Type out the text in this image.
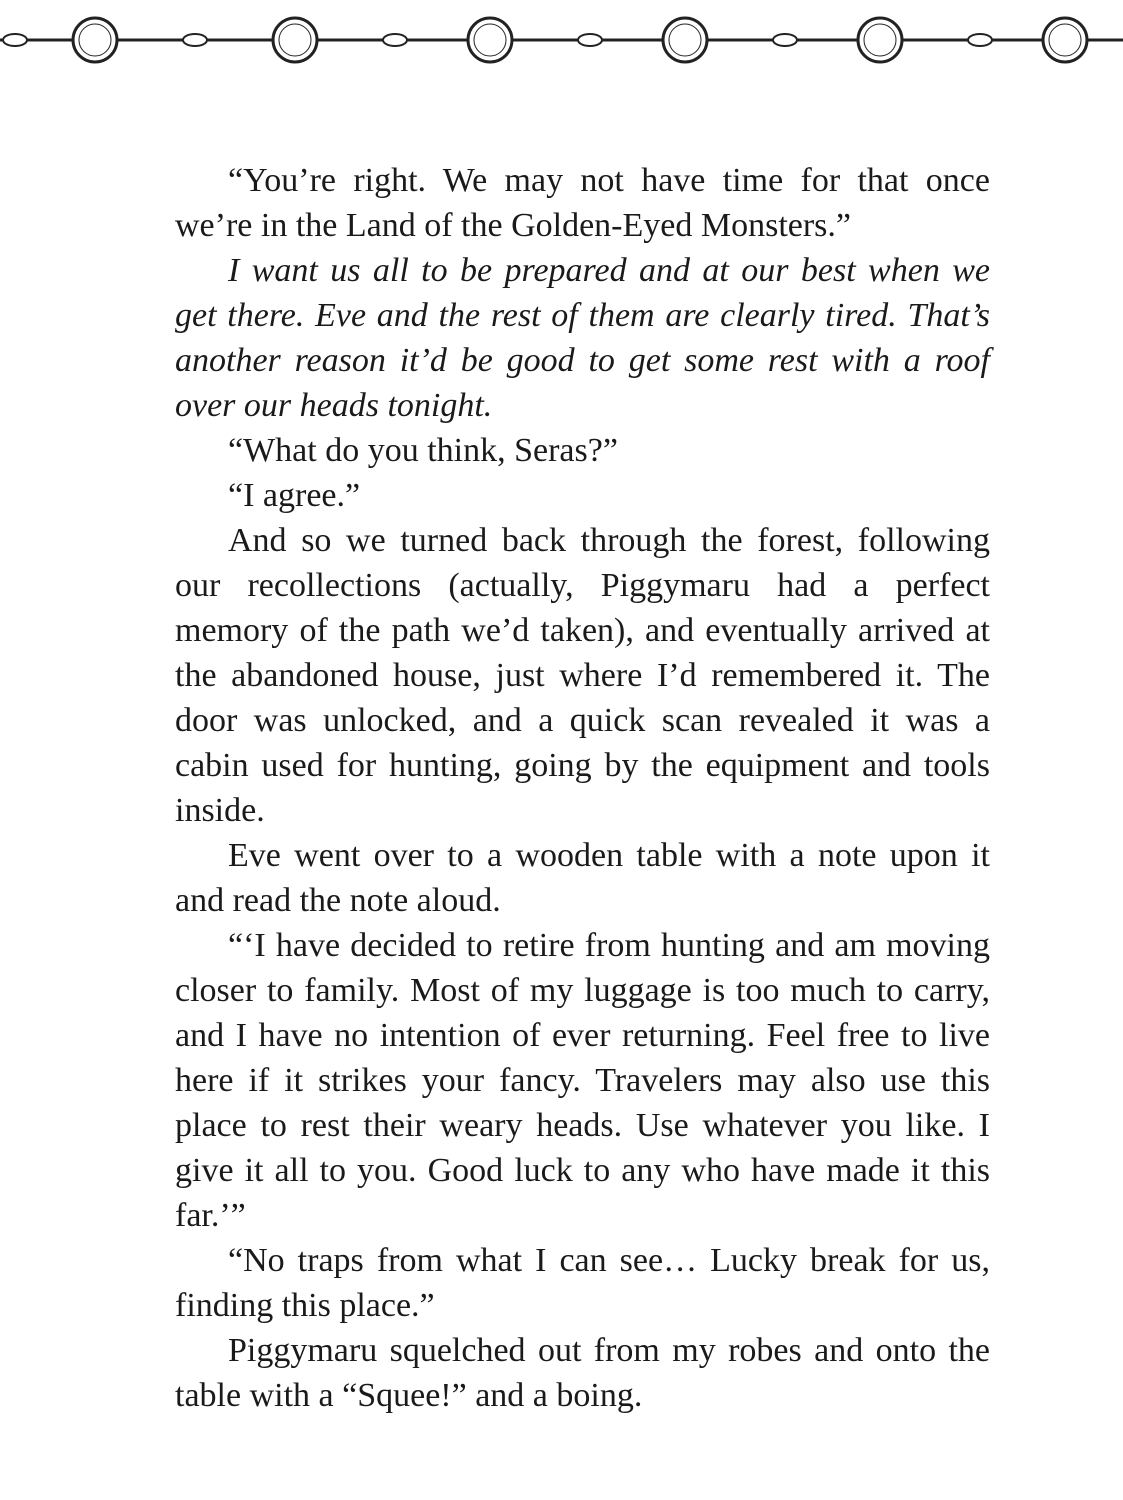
“You’re right. We may not have time for that once we’re in the Land of the Golden-Eyed Monsters.”

I want us all to be prepared and at our best when we get there. Eve and the rest of them are clearly tired. That’s another reason it’d be good to get some rest with a roof over our heads tonight.

“What do you think, Seras?”

“I agree.”

And so we turned back through the forest, following our recollections (actually, Piggymaru had a perfect memory of the path we’d taken), and eventually arrived at the abandoned house, just where I’d remembered it. The door was unlocked, and a quick scan revealed it was a cabin used for hunting, going by the equipment and tools inside.

Eve went over to a wooden table with a note upon it and read the note aloud.

“‘I have decided to retire from hunting and am moving closer to family. Most of my luggage is too much to carry, and I have no intention of ever returning. Feel free to live here if it strikes your fancy. Travelers may also use this place to rest their weary heads. Use whatever you like. I give it all to you. Good luck to any who have made it this far.’”

“No traps from what I can see… Lucky break for us, finding this place.”

Piggymaru squelched out from my robes and onto the table with a “Squee!” and a boing.
